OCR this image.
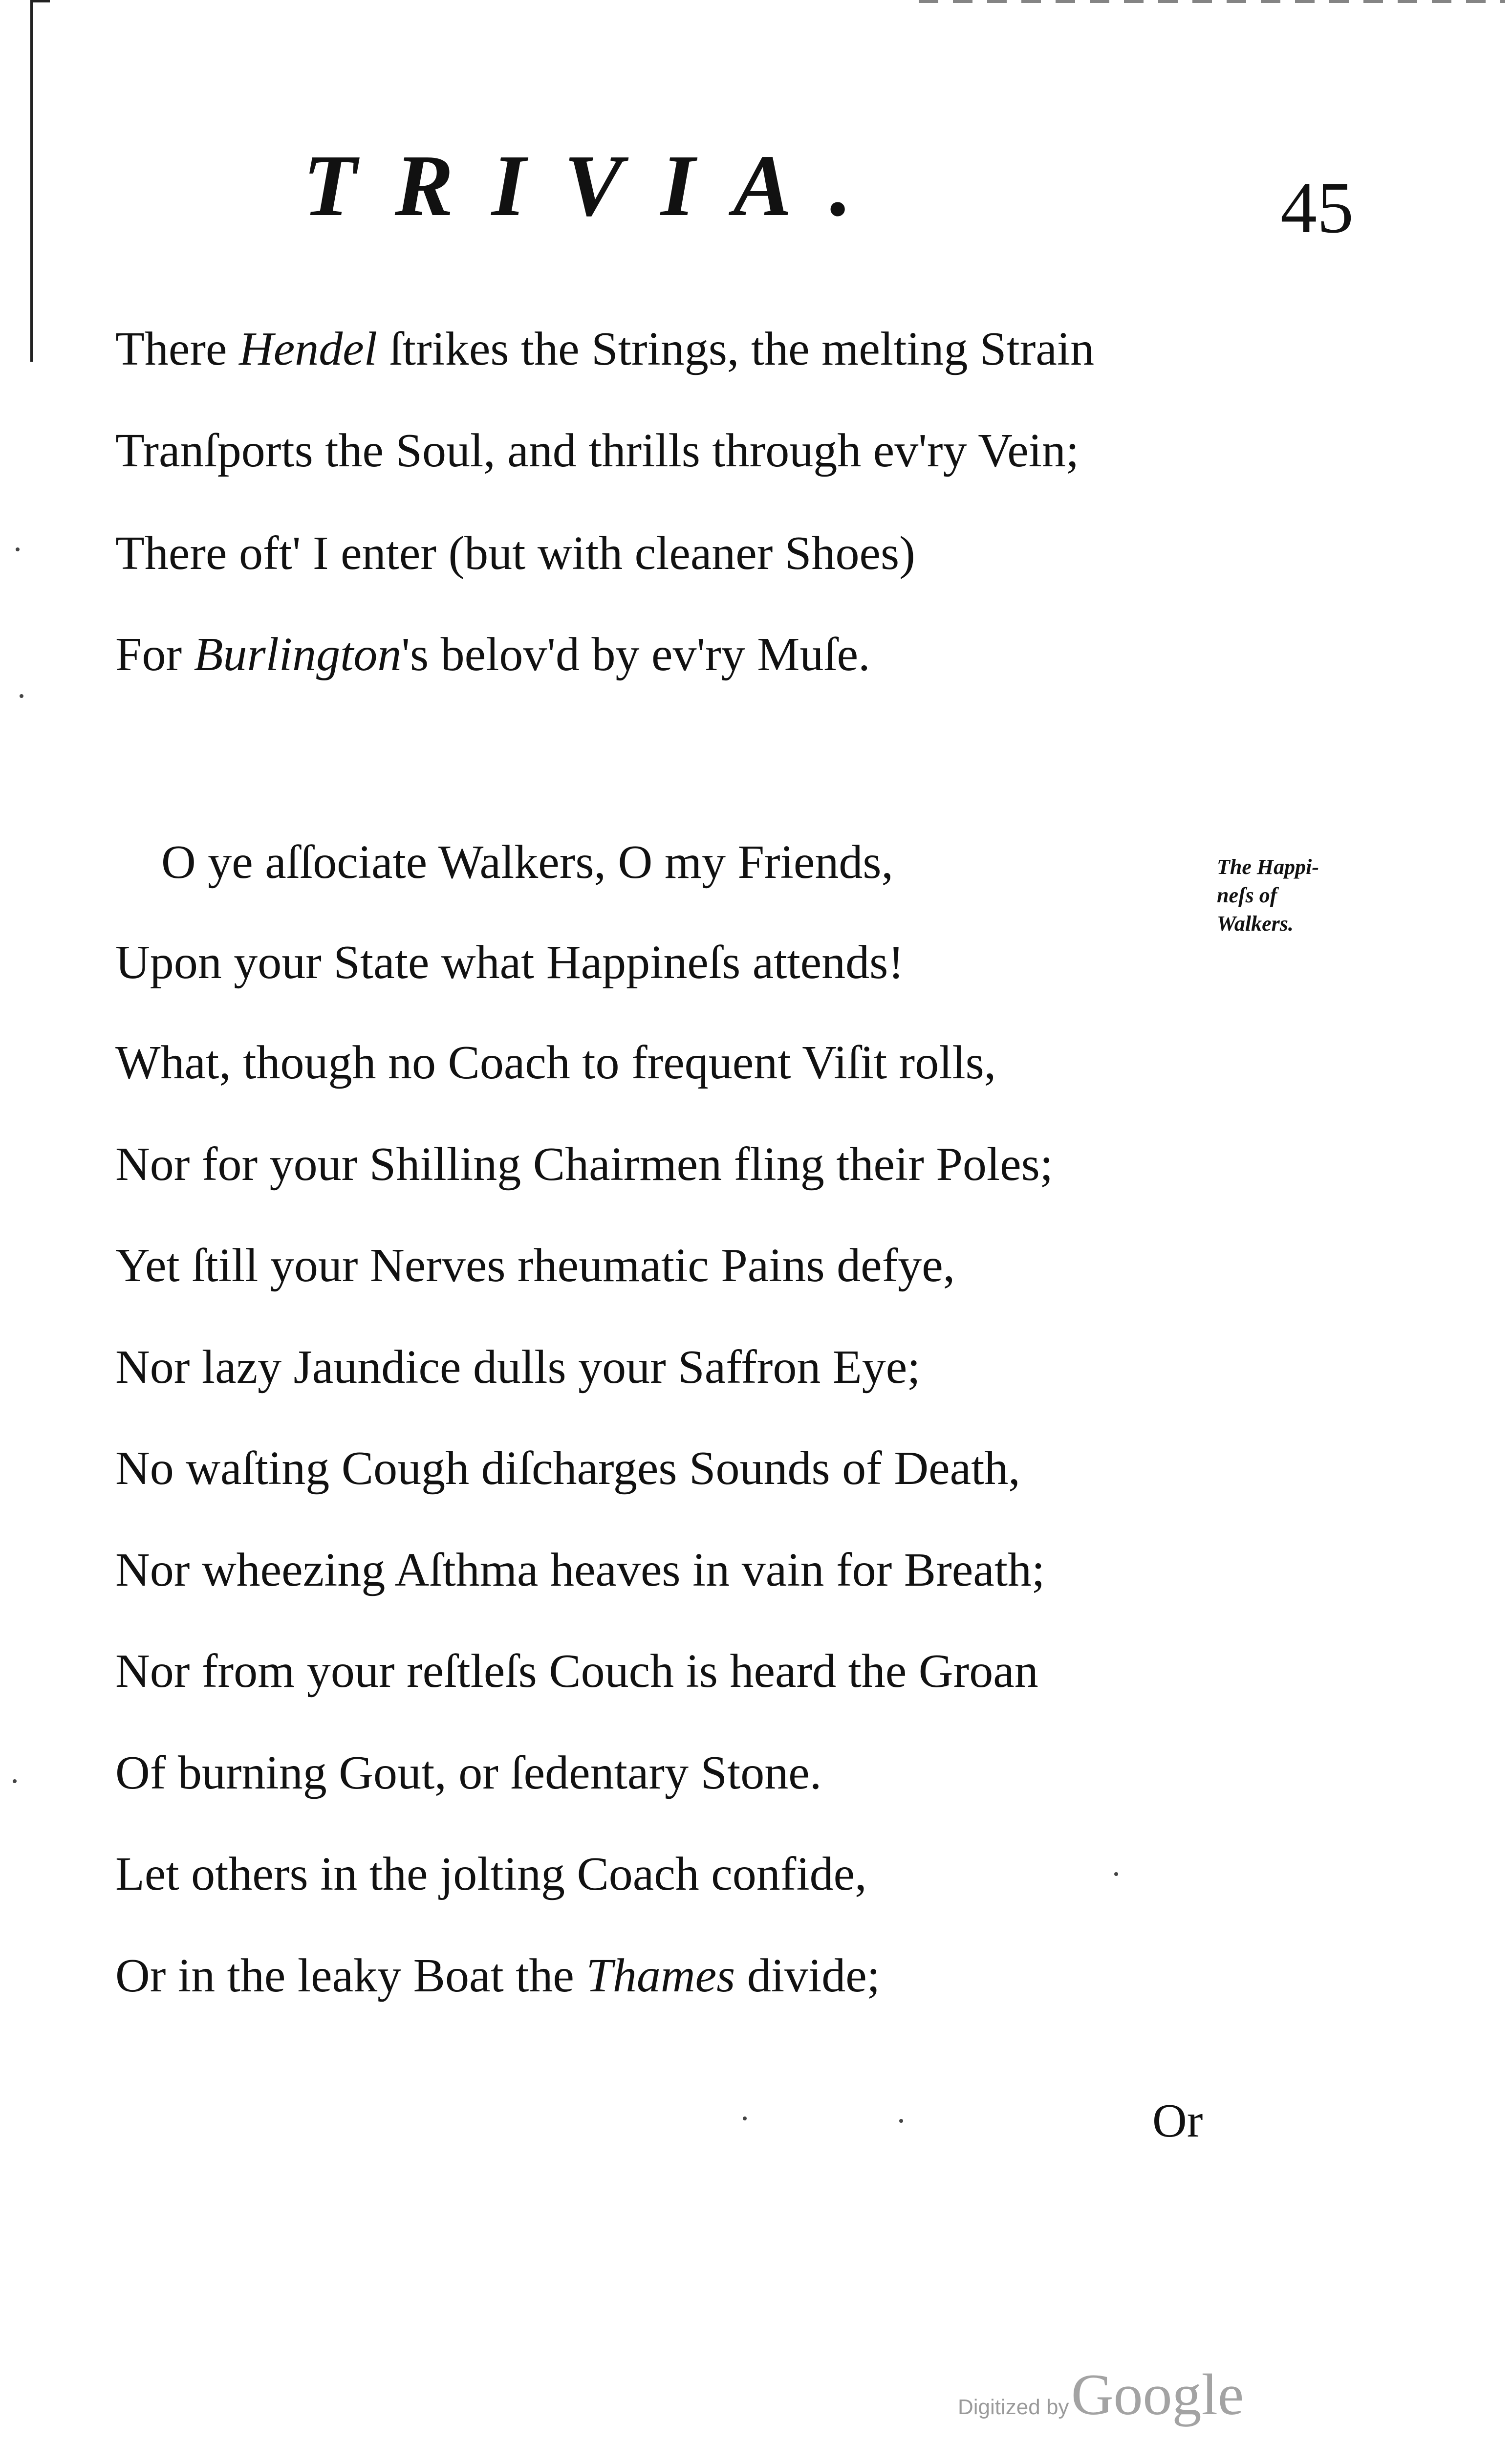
TRIVIA.	45
There Hendel ſtrikes the Strings, the melting Strain
Tranſports the Soul, and thrills through ev'ry Vein;
There oft' I enter (but with cleaner Shoes)
For Burlington's belov'd by ev'ry Muſe.
The Happi-
neſs of
Walkers.
O ye aſſociate Walkers, O my Friends,
Upon your State what Happineſs attends!
What, though no Coach to frequent Viſit rolls,
Nor for your Shilling Chairmen fling their Poles;
Yet ſtill your Nerves rheumatic Pains defye,
Nor lazy Jaundice dulls your Saffron Eye;
No waſting Cough diſcharges Sounds of Death,
Nor wheezing Aſthma heaves in vain for Breath;
Nor from your reſtleſs Couch is heard the Groan
Of burning Gout, or ſedentary Stone.
Let others in the jolting Coach confide,
Or in the leaky Boat the Thames divide;
Or
Digitized by Google
